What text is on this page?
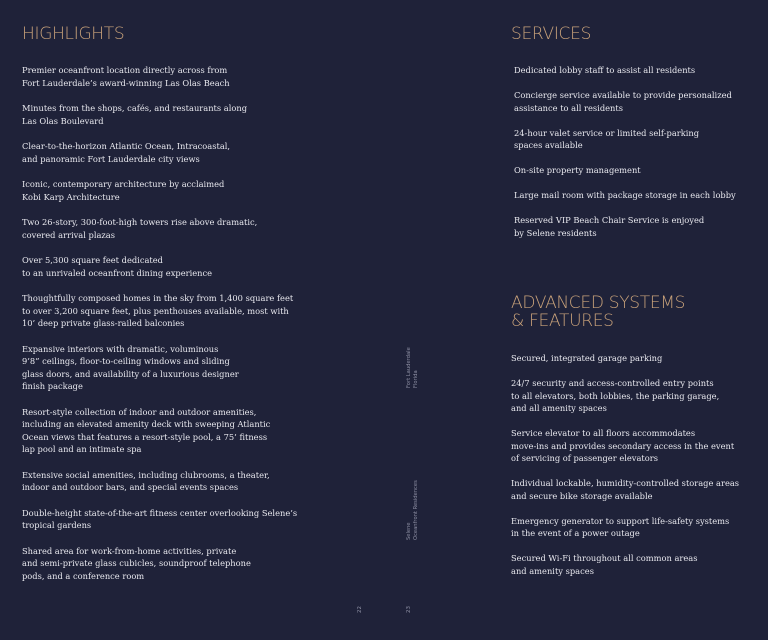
HIGHLIGHTS
Premier oceanfront location directly across from
Fort Lauderdale’s award-winning Las Olas Beach
Minutes from the shops, cafés, and restaurants along
Las Olas Boulevard
Clear-to-the-horizon Atlantic Ocean, Intracoastal,
and panoramic Fort Lauderdale city views
Iconic, contemporary architecture by acclaimed
Kobi Karp Architecture
Two 26-story, 300-foot-high towers rise above dramatic,
covered arrival plazas
Over 5,300 square feet dedicated
to an unrivaled oceanfront dining experience
Thoughtfully composed homes in the sky from 1,400 square feet
to over 3,200 square feet, plus penthouses available, most with
10’ deep private glass-railed balconies
Expansive interiors with dramatic, voluminous
9’8” ceilings, floor-to-ceiling windows and sliding
glass doors, and availability of a luxurious designer
finish package
Resort-style collection of indoor and outdoor amenities,
including an elevated amenity deck with sweeping Atlantic
Ocean views that features a resort-style pool, a 75’ fitness
lap pool and an intimate spa
Extensive social amenities, including clubrooms, a theater,
indoor and outdoor bars, and special events spaces
Double-height state-of-the-art fitness center overlooking Selene’s
tropical gardens
Shared area for work-from-home activities, private
and semi-private glass cubicles, soundproof telephone
pods, and a conference room
22
Fort Lauderdale
Florida
Selene
Oceanfront Residences
23
SERVICES
Dedicated lobby staff to assist all residents
Concierge service available to provide personalized
assistance to all residents
24-hour valet service or limited self-parking
spaces available
On-site property management
Large mail room with package storage in each lobby
Reserved VIP Beach Chair Service is enjoyed
by Selene residents
ADVANCED SYSTEMS
& FEATURES
Secured, integrated garage parking
24/7 security and access-controlled entry points
to all elevators, both lobbies, the parking garage,
and all amenity spaces
Service elevator to all floors accommodates
move-ins and provides secondary access in the event
of servicing of passenger elevators
Individual lockable, humidity-controlled storage areas
and secure bike storage available
Emergency generator to support life-safety systems
in the event of a power outage
Secured Wi-Fi throughout all common areas
and amenity spaces
